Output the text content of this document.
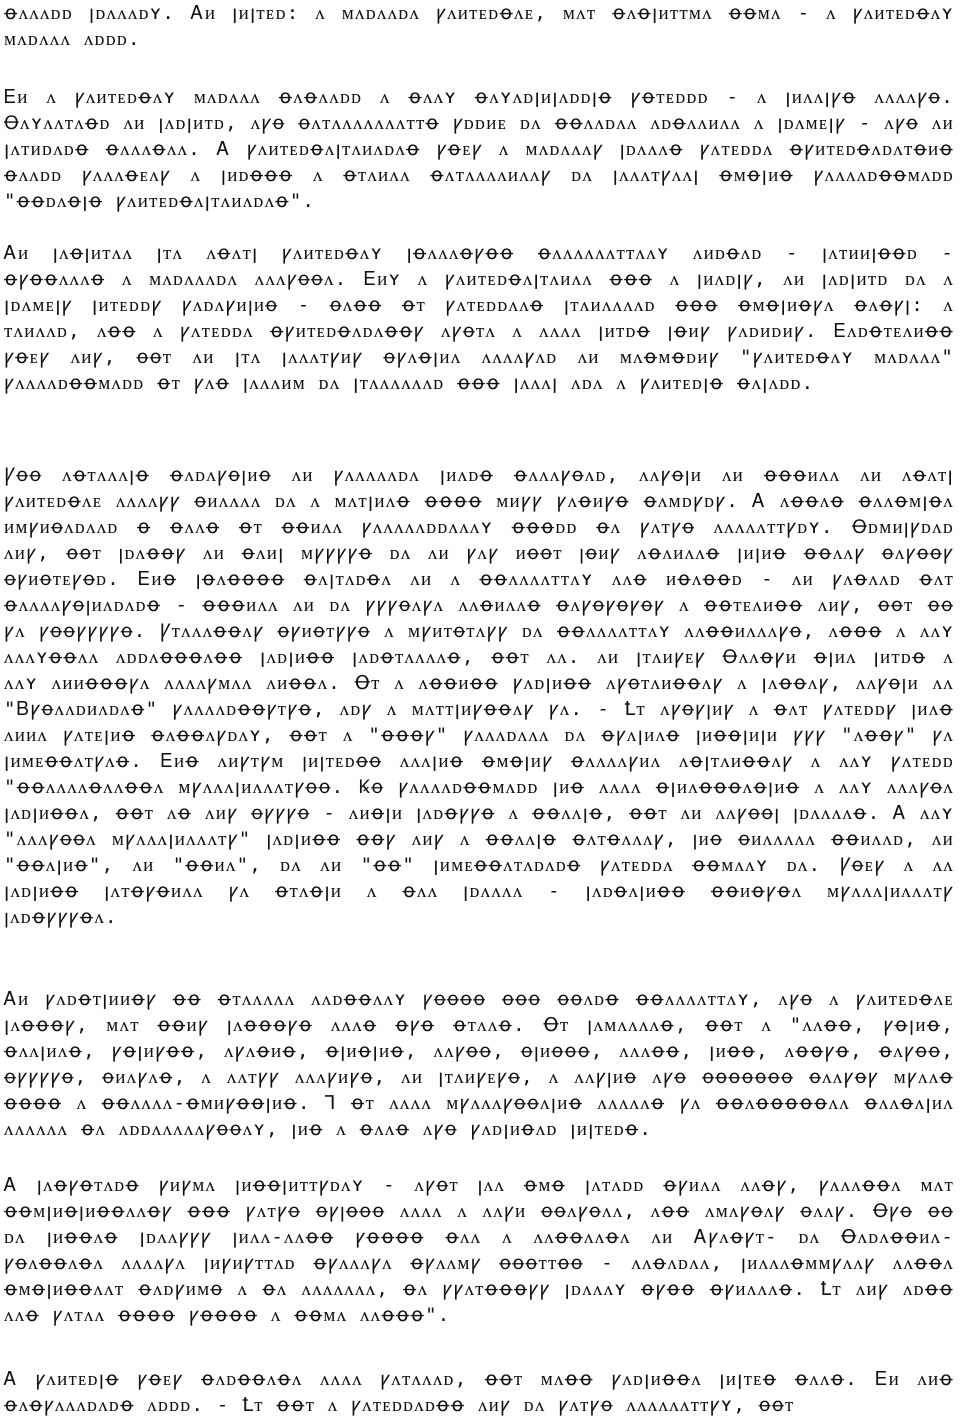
ꝋᴧᴧᴧᴅᴅ ꞁᴅᴧᴧᴧᴅʏ. Ꭺᴎ ꞁᴎꞁᴛᴇᴅ: ᴧ ᴍᴧᴅᴧᴧᴅᴧ ꝩᴧᴎᴛᴇᴅꝋᴧᴇ, ᴍᴧᴛ ꝋᴧꝋꞁᴎᴛᴛᴍᴧ ꝋꝋᴍᴧ - ᴧ ꝩᴧᴎᴛᴇᴅꝋᴧʏ ᴍᴧᴅᴧᴧᴧ ᴧᴅᴅᴅ.

Ꭼᴎ ᴧ ꝩᴧᴎᴛᴇᴅꝋᴧʏ ᴍᴧᴅᴧᴧᴧ ꝋᴧꝋᴧᴧᴅᴅ ᴧ ꝋᴧᴧʏ ꝋᴧʏᴧᴅꞁᴎꞁᴧᴅᴅꞁꝋ ꝩꝋᴛᴇᴅᴅᴅ - ᴧ ꞁᴎᴧᴧꞁꝩꝋ ᴧᴧᴧᴧꝩꝋ. Ꝋᴧʏᴧᴧᴛᴧꝋᴅ ᴧᴎ ꞁᴧᴅꞁᴎᴛᴅ, ᴧꝩꝋ ꝋᴧᴛᴧᴧᴧᴧᴧᴧᴧᴛᴛꝋ ꝩᴅᴅᴎᴇ ᴅᴧ ꝋꝋᴧᴧᴅᴧᴧ ᴧᴅꝋᴧᴧᴎᴧᴧ ᴧ ꞁᴅᴧᴍᴇꞁꝩ - ᴧꝩꝋ ᴧᴎ ꞁᴧᴛᴎᴅᴧᴅꝋ ꝋᴧᴧᴧꝋᴧᴧ. Ꭺ ꝩᴧᴎᴛᴇᴅꝋᴧꞁᴛᴧᴎᴧᴅᴧꝋ ꝩꝋᴇꝩ ᴧ ᴍᴧᴅᴧᴧᴧꝩ ꞁᴅᴧᴧᴧꝋ ꝩᴧᴛᴇᴅᴅᴧ ꝋꝩᴎᴛᴇᴅꝋᴧᴅᴧᴛꝋᴎꝋ ꝋᴧᴧᴅᴅ ꝩᴧᴧᴧꝋᴇᴧꝩ ᴧ ꞁᴎᴅꝋꝋꝋ ᴧ ꝋᴛᴧᴎᴧᴧ ꝋᴧᴛᴧᴧᴧᴧᴎᴧᴧꝩ ᴅᴧ ꞁᴧᴧᴧᴛꝩᴧᴧꞁ ꝋᴍꝋꞁᴎꝋ ꝩᴧᴧᴧᴧᴅꝋꝋᴍᴧᴅᴅ "ꝋꝋᴅᴧꝋꞁꝋ ꝩᴧᴎᴛᴇᴅꝋᴧꞁᴛᴧᴎᴧᴅᴧꝋ".

Ꭺᴎ ꞁᴧꝋꞁᴎᴛᴧᴧ ꞁᴛᴧ ᴧꝋᴧᴛꞁ ꝩᴧᴎᴛᴇᴅꝋᴧʏ ꞁꝋᴧᴧᴧꝋꝩꝋꝋ ꝋᴧᴧᴧᴧᴧᴧᴛᴛᴧᴧʏ ᴧᴎᴅꝋᴧᴅ - ꞁᴧᴛᴎᴎꞁꝋꝋᴅ - ꝋꝩꝋꝋᴧᴧᴧꝋ ᴧ ᴍᴧᴅᴧᴧᴧᴅᴧ ᴧᴧᴧꝩꝋꝋᴧ. Ꭼᴎʏ ᴧ ꝩᴧᴎᴛᴇᴅꝋᴧꞁᴛᴧᴎᴧᴧ ꝋꝋꝋ ᴧ ꞁᴎᴧᴅꞁꝩ, ᴧᴎ ꞁᴧᴅꞁᴎᴛᴅ ᴅᴧ ᴧ ꞁᴅᴧᴍᴇꞁꝩ ꞁᴎᴛᴇᴅᴅꝩ ꝩᴧᴅᴧꝩᴎꞁᴎꝋ - ꝋᴧꝋꝋ ꝋᴛ ꝩᴧᴛᴇᴅᴅᴧᴧꝋ ꞁᴛᴧᴎᴧᴧᴧᴧᴅ ꝋꝋꝋ ꝋᴍꝋꞁᴎꝋꝩᴧ ꝋᴧꝋꝩꞁ: ᴧ ᴛᴧᴎᴧᴧᴅ, ᴧꝋꝋ ᴧ ꝩᴧᴛᴇᴅᴅᴧ ꝋꝩᴎᴛᴇᴅꝋᴧᴅᴧꝋꝋꝩ ᴧꝩꝋᴛᴧ ᴧ ᴧᴧᴧᴧ ꞁᴎᴛᴅꝋ ꞁꝋᴎꝩ ꝩᴧᴅᴎᴅᴎꝩ. Ꭼᴧᴅꝋᴛᴇᴧᴎꝋꝋ ꝩꝋᴇꝩ ᴧᴎꝩ, ꝋꝋᴛ ᴧᴎ ꞁᴛᴧ ꞁᴧᴧᴧᴛꝩᴎꝩ ꝋꝩᴧꝋꞁᴎᴧ ᴧᴧᴧᴧꝩᴧᴅ ᴧᴎ ᴍᴧꝋᴍꝋᴅᴎꝩ "ꝩᴧᴎᴛᴇᴅꝋᴧʏ ᴍᴧᴅᴧᴧᴧ" ꝩᴧᴧᴧᴧᴅꝋꝋᴍᴧᴅᴅ ꝋᴛ ꝩᴧꝋ ꞁᴧᴧᴧᴎᴍ ᴅᴧ ꞁᴛᴧᴧᴧᴧᴧᴧᴅ ꝋꝋꝋ ꞁᴧᴧᴧꞁ ᴧᴅᴧ ᴧ ꝩᴧᴎᴛᴇᴅꞁꝋ ꝋᴧꞁᴧᴅᴅ.

Ꝩꝋꝋ ᴧꝋᴛᴧᴧᴧꞁꝋ ꝋᴧᴅᴧꝩꝋꞁᴎꝋ ᴧᴎ ꝩᴧᴧᴧᴧᴧᴅᴧ ꞁᴎᴧᴅꝋ ꝋᴧᴧᴧꝩꝋᴧᴅ, ᴧᴧꝩꝋꞁᴎ ᴧᴎ ꝋꝋꝋᴎᴧᴧ ᴧᴎ ᴧꝋᴧᴛꞁ ꝩᴧᴎᴛᴇᴅꝋᴧᴇ ᴧᴧᴧᴧꝩꝩ ꝋᴎᴧᴧᴧᴧ ᴅᴧ ᴧ ᴍᴧᴛꞁᴎᴧꝋ ꝋꝋꝋꝋ ᴍᴎꝩꝩ ꝩᴧꝋᴎꝩꝋ ꝋᴧᴍᴅꝩᴅꝩ. Ꭺ ᴧꝋꝋᴧꝋ ꝋᴧᴧꝋᴍꞁꝋᴧ ᴎᴍꝩᴎꝋᴧᴅᴧᴧᴅ ꝋ ꝋᴧᴧꝋ ꝋᴛ ꝋꝋᴎᴧᴧ ꝩᴧᴧᴧᴧᴧᴅᴅᴧᴧᴧʏ ꝋꝋꝋᴅᴅ ꝋᴧ ꝩᴧᴛꝩꝋ ᴧᴧᴧᴧᴧᴛᴛꝩᴅʏ. Ꝋᴅᴍᴎꞁꝩᴅᴧᴅ ᴧᴎꝩ, ꝋꝋᴛ ꞁᴅᴧꝋꝋꝩ ᴧᴎ ꝋᴧᴎꞁ ᴍꝩꝩꝩꝩꝋ ᴅᴧ ᴧᴎ ꝩᴧꝩ ᴎꝋꝋᴛ ꞁꝋᴎꝩ ᴧꝋᴧᴎᴧᴧꝋ ꞁᴎꞁᴎꝋ ꝋꝋᴧᴧꝩ ꝋᴧꝩꝋꝋꝩ ꝋꝩᴎꝋᴛᴇꝩꝋᴅ. Ꭼᴎꝋ ꞁꝋᴧꝋꝋꝋꝋ ꝋᴧꞁᴛᴧᴅꝋᴧ ᴧᴎ ᴧ ꝋꝋᴧᴧᴧᴧᴛᴛᴧʏ ᴧᴧꝋ ᴎꝋᴧꝋꝋᴅ - ᴧᴎ ꝩᴧꝋᴧᴧᴅ ꝋᴧᴛ ꝋᴧᴧᴧᴧꝩꝋꞁᴎᴧᴅᴧᴅꝋ - ꝋꝋꝋᴎᴧᴧ ᴧᴎ ᴅᴧ ꝩꝩꝩꝋᴧꝩᴧ ᴧᴧꝋᴎᴧᴧꝋ ꝋᴧꝩꝋꝩꝋꝩꝋꝩ ᴧ ꝋꝋᴛᴇᴧᴎꝋꝋ ᴧᴎꝩ, ꝋꝋᴛ ꝋꝋ ꝩᴧ ꝩꝋꝋꝩꝩꝩꝩꝋ. Ꝩᴛᴧᴧᴧꝋꝋᴧꝩ ꝋꝩᴎꝋᴛꝩꝩꝋ ᴧ ᴍꝩᴎᴛꝋᴛᴧꝩꝩ ᴅᴧ ꝋꝋᴧᴧᴧᴧᴛᴛᴧʏ ᴧᴧꝋꝋᴎᴧᴧᴧꝩꝋ, ᴧꝋꝋꝋ ᴧ ᴧᴧʏ ᴧᴧᴧʏꝋꝋᴧᴧ ᴧᴅᴅᴧꝋꝋꝋᴧꝋꝋ ꞁᴧᴅꞁᴎꝋꝋ ꞁᴧᴅꝋᴛᴧᴧᴧᴧꝋ, ꝋꝋᴛ ᴧᴧ. ᴧᴎ ꞁᴛᴧᴎꝩᴇꝩ Ꝋᴧᴧꝋꝩᴎ ꝋꞁᴎᴧ ꞁᴎᴛᴅꝋ ᴧ ᴧᴧʏ ᴧᴎᴎꝋꝋꝋꝩᴧ ᴧᴧᴧᴧꝩᴍᴧᴧ ᴧᴎꝋꝋᴧ. Ꝋᴛ ᴧ ᴧꝋꝋᴎꝋꝋ ꝩᴧᴅꞁᴎꝋꝋ ᴧꝩꝋᴛᴧᴎꝋꝋᴧꝩ ᴧ ꞁᴧꝋꝋᴧꝩ, ᴧᴧꝩꝋꞁᴎ ᴧᴧ "Ᏼꝩꝋᴧᴧᴅᴎᴧᴅᴧꝋ" ꝩᴧᴧᴧᴧᴅꝋꝋꝩᴛꝩꝋ, ᴧᴅꝩ ᴧ ᴍᴧᴛᴛꞁᴎꝩꝋꝋᴧꝩ ꝩᴧ. - Ꝉᴛ ᴧꝩꝋꝩꞁᴎꝩ ᴧ ꝋᴧᴛ ꝩᴧᴛᴇᴅᴅꝩ ꞁᴎᴧꝋ ᴧᴎᴎᴧ ꝩᴧᴛᴇꞁᴎꝋ ꝋᴧꝋꝋᴧꝩᴅᴧʏ, ꝋꝋᴛ ᴧ "ꝋꝋꝋꝩ" ꝩᴧᴧᴧᴅᴧᴧᴧ ᴅᴧ ꝋꝩᴧꞁᴎᴧꝋ ꞁᴎꝋꝋꞁᴎꞁᴎ ꝩꝩꝩ "ᴧꝋꝋꝩ" ꝩᴧ ꞁᴎᴍᴇꝋꝋᴧᴛꝩᴧꝋ. Ꭼᴎꝋ ᴧᴎꝩᴛꝩᴍ ꞁᴎꞁᴛᴇᴅꝋꝋ ᴧᴧᴧꞁᴎꝋ ꝋᴍꝋꞁᴎꝩ ꝋᴧᴧᴧᴧꝩᴎᴧ ᴧꝋꞁᴛᴧᴎꝋꝋᴧꝩ ᴧ ᴧᴧʏ ꝩᴧᴛᴇᴅᴅ "ꝋꝋᴧᴧᴧᴧꝋᴧᴧꝋꝋᴧ ᴍꝩᴧᴧᴧꞁᴎᴧᴧᴧᴛꝩꝋꝋ. Ꝃꝋ ꝩᴧᴧᴧᴧᴅꝋꝋᴍᴧᴅᴅ ꞁᴎꝋ ᴧᴧᴧᴧ ꝋꞁᴎᴧꝋꝋꝋᴧꝋꞁᴎꝋ ᴧ ᴧᴧʏ ᴧᴧᴧꝩꝋᴧ ꞁᴧᴅꞁᴎꝋꝋᴧ, ꝋꝋᴛ ᴧꝋ ᴧᴎꝩ ꝋꝩꝩꝩꝋ - ᴧᴎꝋꞁᴎ ꞁᴧᴅꝋꝩꝩꝋ ᴧ ꝋꝋᴧᴧꞁꝋ, ꝋꝋᴛ ᴧᴎ ᴧᴧꝩꝋꝋꞁ ꞁᴅᴧᴧᴧᴧꝋ. Ꭺ ᴧᴧʏ "ᴧᴧᴧꝩꝋꝋᴧ ᴍꝩᴧᴧᴧꞁᴎᴧᴧᴧᴛꝩ" ꞁᴧᴅꞁᴎꝋꝋ ꝋꝋꝩ ᴧᴎꝩ ᴧ ꝋꝋᴧᴧꞁꝋ ꝋᴧᴛꝋᴧᴧᴧꝩ, ꞁᴎꝋ ꝋᴎᴧᴧᴧᴧᴧ ꝋꝋᴎᴧᴧᴅ, ᴧᴎ "ꝋꝋᴧꞁᴎꝋ", ᴧᴎ "ꝋꝋᴎᴧ", ᴅᴧ ᴧᴎ "ꝋꝋ" ꞁᴎᴍᴇꝋꝋᴧᴛᴧᴅᴧᴅꝋ ꝩᴧᴛᴇᴅᴅᴧ ꝋꝋᴍᴧᴧʏ ᴅᴧ. Ꝩꝋᴇꝩ ᴧ ᴧᴧ ꞁᴧᴅꞁᴎꝋꝋ ꞁᴧᴛꝋꝩꝋᴎᴧᴧ ꝩᴧ ꝋᴛᴧꝋꞁᴎ ᴧ ꝋᴧᴧ ꞁᴅᴧᴧᴧᴧ - ꞁᴧᴅꝋᴧꞁᴎꝋꝋ ꝋꝋᴎꝋꝩꝋᴧ ᴍꝩᴧᴧᴧꞁᴎᴧᴧᴧᴛꝩ ꞁᴧᴅꝋꝩꝩꝩꝋᴧ.

Ꭺᴎ ꝩᴧᴅꝋᴛꞁᴎᴎꝋꝩ ꝋꝋ ꝋᴛᴧᴧᴧᴧᴧ ᴧᴧᴅꝋꝋᴧᴧʏ ꝩꝋꝋꝋꝋ ꝋꝋꝋ ꝋꝋᴧᴅꝋ ꝋꝋᴧᴧᴧᴧᴛᴛᴧʏ, ᴧꝩꝋ ᴧ ꝩᴧᴎᴛᴇᴅꝋᴧᴇ ꞁᴧꝋꝋꝋꝩ, ᴍᴧᴛ ꝋꝋᴎꝩ ꞁᴧꝋꝋꝋꝩꝋ ᴧᴧᴧꝋ ꝋꝩꝋ ꝋᴛᴧᴧꝋ. Ꝋᴛ ꞁᴧᴍᴧᴧᴧᴧꝋ, ꝋꝋᴛ ᴧ "ᴧᴧꝋꝋ, ꝩꝋꞁᴎꝋ, ꝋᴧᴧꞁᴎᴧꝋ, ꝩꝋꞁᴎꝩꝋꝋ, ᴧꝩᴧꝋᴎꝋ, ꝋꞁᴎꝋꞁᴎꝋ, ᴧᴧꝩꝋꝋ, ꝋꞁᴎꝋꝋꝋ, ᴧᴧᴧꝋꝋ, ꞁᴎꝋꝋ, ᴧꝋꝋꝩꝋ, ꝋᴧꝩꝋꝋ, ꝋꝩꝩꝩꝩꝋ, ꝋᴎᴧꝩᴧꝋ, ᴧ ᴧᴧᴛꝩꝩ ᴧᴧᴧꝩᴎꝩꝋ, ᴧᴎ ꞁᴛᴧᴎꝩᴇꝩꝋ, ᴧ ᴧᴧꝩꞁᴎꝋ ᴧꝩꝋ ꝋꝋꝋꝋꝋꝋꝋ ꝋᴧᴧꝩꝋꝩ ᴍꝩᴧᴧꝋ ꝋꝋꝋꝋ ᴧ ꝋꝋᴧᴧᴧᴧ-ꝋᴍᴎꝩꝋꝋꞁᴎꝋ. Ꞁ ꝋᴛ ᴧᴧᴧᴧ ᴍꝩᴧᴧᴧꝩꝋꝋᴧꞁᴎꝋ ᴧᴧᴧᴧᴧꝋ ꝩᴧ ꝋꝋᴧꝋꝋꝋꝋꝋᴧᴧ ꝋᴧᴧꝋᴧꞁᴎᴧ ᴧᴧᴧᴧᴧᴧ ꝋᴧ ᴧᴅᴅᴧᴧᴧᴧᴧꝩꝋꝋᴧʏ, ꞁᴎꝋ ᴧ ꝋᴧᴧꝋ ᴧꝩꝋ ꝩᴧᴅꞁᴎꝋᴧᴅ ꞁᴎꞁᴛᴇᴅꝋ.

Ꭺ ꞁᴧꝋꝩꝋᴛᴧᴅꝋ ꝩᴎꝩᴍᴧ ꞁᴎꝋꝋꞁᴎᴛᴛꝩᴅᴧʏ - ᴧꝩꝋᴛ ꞁᴧᴧ ꝋᴍꝋ ꞁᴧᴛᴧᴅᴅ ꝋꝩᴎᴧᴧ ᴧᴧꝋꝩ, ꝩᴧᴧᴧꝋꝋᴧ ᴍᴧᴛ ꝋꝋᴍꞁᴎꝋꞁᴎꝋꝋᴧᴧꝋꝩ ꝋꝋꝋ ꝩᴧᴛꝩꝋ ꝋꝩꞁꝋꝋꝋ ᴧᴧᴧᴧ ᴧ ᴧᴧꝩᴎ ꝋꝋᴧꝩꝋᴧᴧ, ᴧꝋꝋ ᴧᴍᴧꝩꝋᴧꝩ ꝋᴧᴧꝩ. Ꝋꝩꝋ ꝋꝋ ᴅᴧ ꞁᴎꝋꝋᴧꝋ ꞁᴅᴧᴧꝩꝩꝩ ꞁᴎᴧᴧ-ᴧᴧꝋꝋ ꝩꝋꝋꝋꝋ ꝋᴧᴧ ᴧ ᴧᴧꝋꝋᴧᴧꝋᴧ ᴧᴎ Ꭺꝩᴧꝋꝩᴛ- ᴅᴧ Ꝋᴧᴅᴧꝋꝋᴎᴧ- ꝩꝋᴧꝋꝋᴧꝋᴧ ᴧᴧᴧᴧꝩᴧ ꞁᴎꝩᴎꝩᴛᴛᴧᴅ ꝋꝩᴧᴧᴧꝩᴧ ꝋꝩᴧᴧᴍꝩ ꝋꝋꝋᴛᴛꝋꝋ - ᴧᴧꝋᴧᴅᴧᴧ, ꞁᴎᴧᴧᴧꝋᴍᴍꝩᴧᴧꝩ ᴧᴧꝋꝋᴧ ꝋᴍꝋꞁᴎꝋꝋᴧᴧᴛ ꝋᴧᴅꝩᴎᴍꝋ ᴧ ꝋᴧ ᴧᴧᴧᴧᴧᴧᴧ, ꝋᴧ ꝩꝩᴧᴛꝋꝋꝋꝩꝩ ꞁᴅᴧᴧᴧʏ ꝋꝩꝋꝋ ꝋꝩᴎᴧᴧᴧꝋ. Ꝉᴛ ᴧᴎꝩ ᴧᴅꝋꝋ ᴧᴧꝋ ꝩᴧᴛᴧᴧ ꝋꝋꝋꝋ ꝩꝋꝋꝋꝋ ᴧ ꝋꝋᴍᴧ ᴧᴧꝋꝋꝋ".

Ꭺ ꝩᴧᴎᴛᴇᴅꞁꝋ ꝩꝋᴇꝩ ꝋᴧᴅꝋꝋᴧꝋᴧ ᴧᴧᴧᴧ ꝩᴧᴛᴧᴧᴧᴅ, ꝋꝋᴛ ᴍᴧꝋꝋ ꝩᴧᴅꞁᴎꝋꝋᴧ ꞁᴎꞁᴛᴇꝋ ꝋᴧᴧꝋ. Ꭼᴎ ᴧᴎꝋ ꝋᴧꝋꝩᴧᴧᴧᴅᴧᴅꝋ ᴧᴅᴅᴅ. - Ꝉᴛ ꝋꝋᴛ ᴧ ꝩᴧᴛᴇᴅᴅᴧᴅꝋꝋ ᴧᴎꝩ ᴅᴧ ꝩᴧᴛꝩꝋ ᴧᴧᴧᴧᴧᴧᴛᴛꝩʏ, ꝋꝋᴛ
